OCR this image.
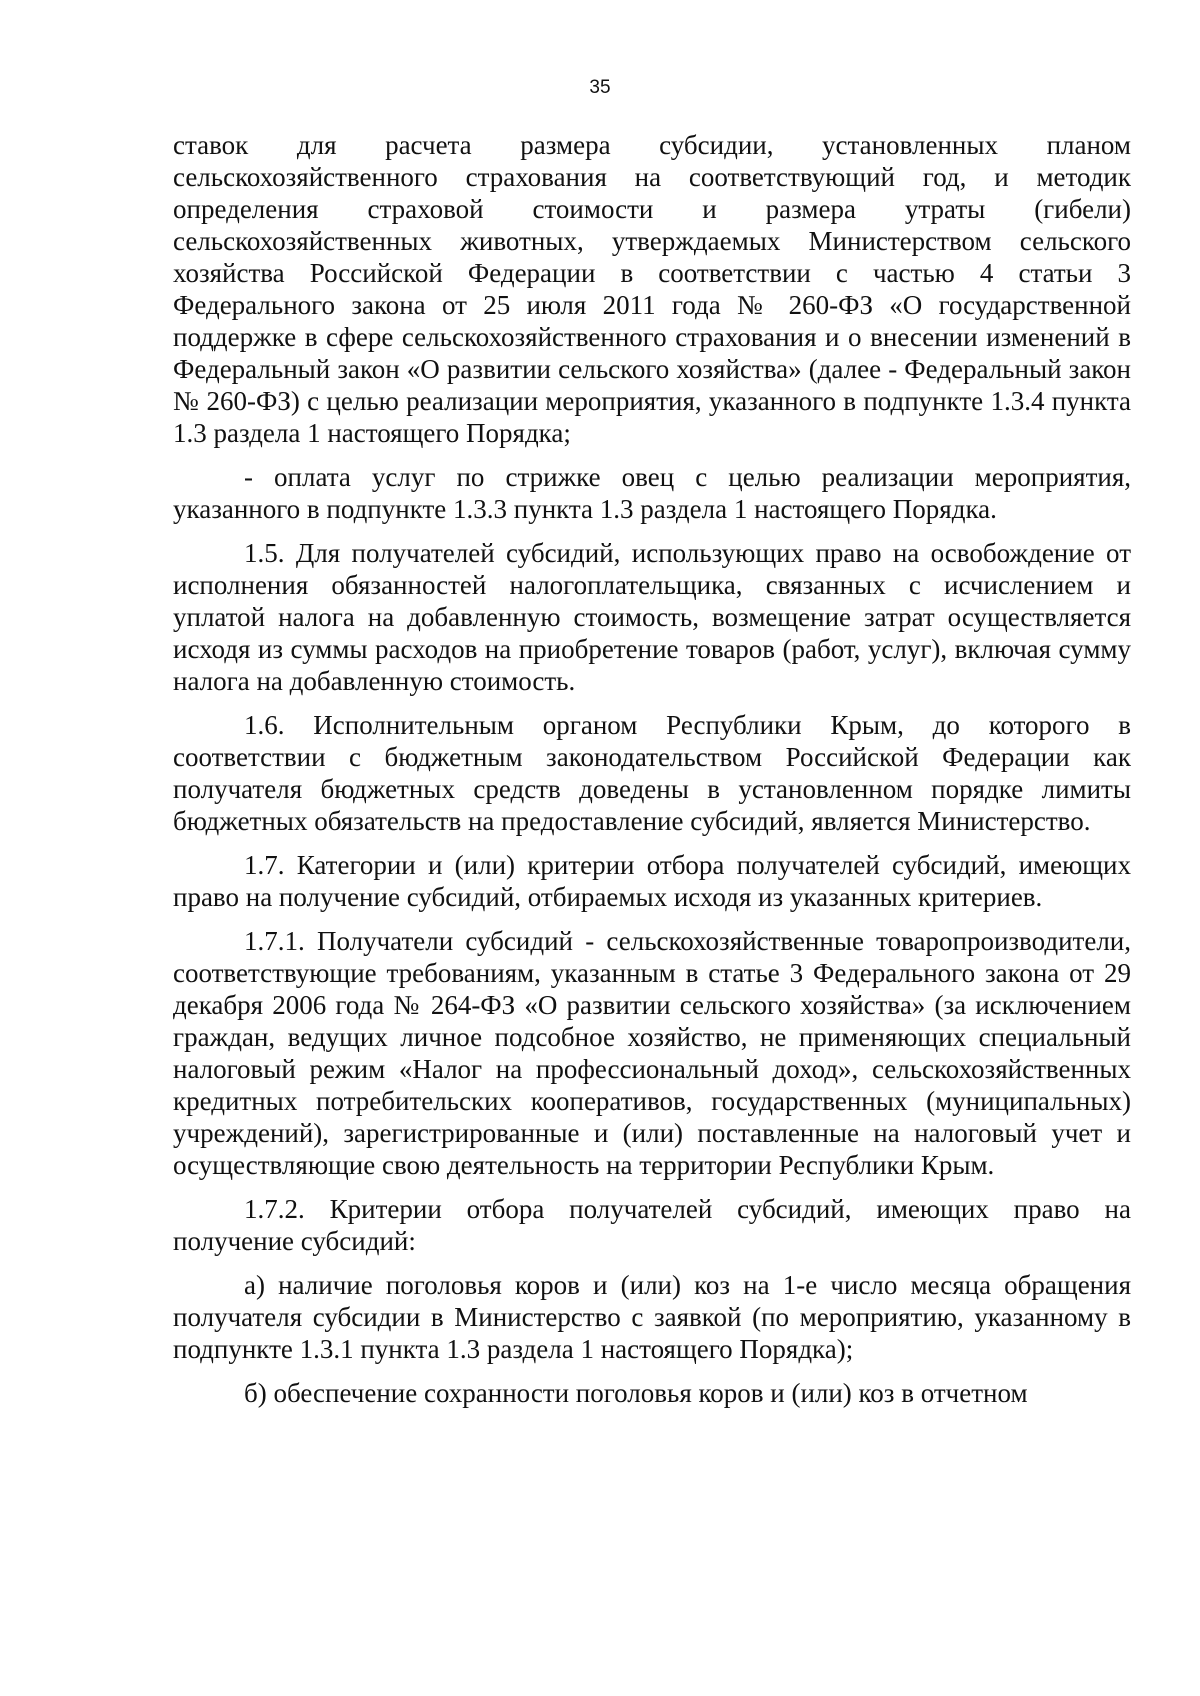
35

ставок для расчета размера субсидии, установленных планом сельскохозяйственного страхования на соответствующий год, и методик определения страховой стоимости и размера утраты (гибели) сельскохозяйственных животных, утверждаемых Министерством сельского хозяйства Российской Федерации в соответствии с частью 4 статьи 3 Федерального закона от 25 июля 2011 года № 260-ФЗ «О государственной поддержке в сфере сельскохозяйственного страхования и о внесении изменений в Федеральный закон «О развитии сельского хозяйства» (далее - Федеральный закон № 260-ФЗ) с целью реализации мероприятия, указанного в подпункте 1.3.4 пункта 1.3 раздела 1 настоящего Порядка;

- оплата услуг по стрижке овец с целью реализации мероприятия, указанного в подпункте 1.3.3 пункта 1.3 раздела 1 настоящего Порядка.

1.5. Для получателей субсидий, использующих право на освобождение от исполнения обязанностей налогоплательщика, связанных с исчислением и уплатой налога на добавленную стоимость, возмещение затрат осуществляется исходя из суммы расходов на приобретение товаров (работ, услуг), включая сумму налога на добавленную стоимость.

1.6. Исполнительным органом Республики Крым, до которого в соответствии с бюджетным законодательством Российской Федерации как получателя бюджетных средств доведены в установленном порядке лимиты бюджетных обязательств на предоставление субсидий, является Министерство.

1.7. Категории и (или) критерии отбора получателей субсидий, имеющих право на получение субсидий, отбираемых исходя из указанных критериев.

1.7.1. Получатели субсидий - сельскохозяйственные товаропроизводители, соответствующие требованиям, указанным в статье 3 Федерального закона от 29 декабря 2006 года № 264-ФЗ «О развитии сельского хозяйства» (за исключением граждан, ведущих личное подсобное хозяйство, не применяющих специальный налоговый режим «Налог на профессиональный доход», сельскохозяйственных кредитных потребительских кооперативов, государственных (муниципальных) учреждений), зарегистрированные и (или) поставленные на налоговый учет и осуществляющие свою деятельность на территории Республики Крым.

1.7.2. Критерии отбора получателей субсидий, имеющих право на получение субсидий:

а) наличие поголовья коров и (или) коз на 1-е число месяца обращения получателя субсидии в Министерство с заявкой (по мероприятию, указанному в подпункте 1.3.1 пункта 1.3 раздела 1 настоящего Порядка);

б) обеспечение сохранности поголовья коров и (или) коз в отчетном
